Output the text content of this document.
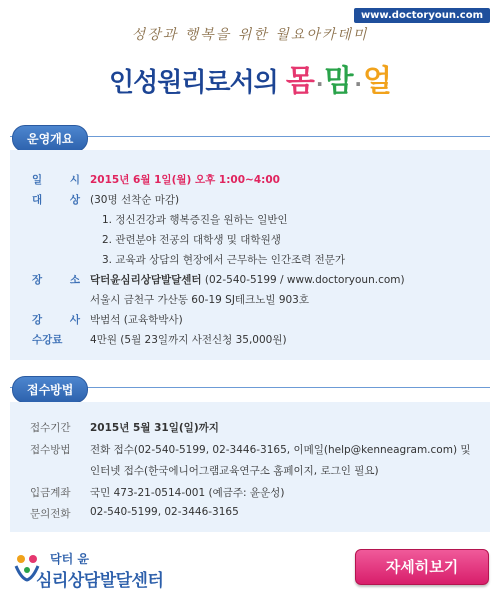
www.doctoryoun.com
성장과 행복을 위한 월요아카데미
인성원리로서의 몸 ·맘 ·얼
운영개요
일 시 2015년 6월 1일(월) 오후 1:00~4:00
대 상 (30명 선착순 마감)
1. 정신건강과 행복증진을 원하는 일반인
2. 관련분야 전공의 대학생 및 대학원생
3. 교육과 상담의 현장에서 근무하는 인간조력 전문가
장 소 닥터윤심리상담발달센터 (02-540-5199 / www.doctoryoun.com)
서울시 금천구 가산동 60-19 SJ테크노빌 903호
강 사 박범석 (교육학박사)
수강료	4만원 (5월 23일까지 사전신청 35,000원)
접수방법
접수기간	2015년 5월 31일(일)까지
접수방법	전화 접수(02-540-5199, 02-3446-3165, 이메일(help@kenneagram.com) 및
인터넷 접수(한국에니어그램교육연구소 홈페이지, 로그인 필요)
입금계좌	국민 473-21-0514-001 (예금주: 윤운성)
문의전화	02-540-5199, 02-3446-3165
닥터 윤
심리상담발달센터
자세히보기
